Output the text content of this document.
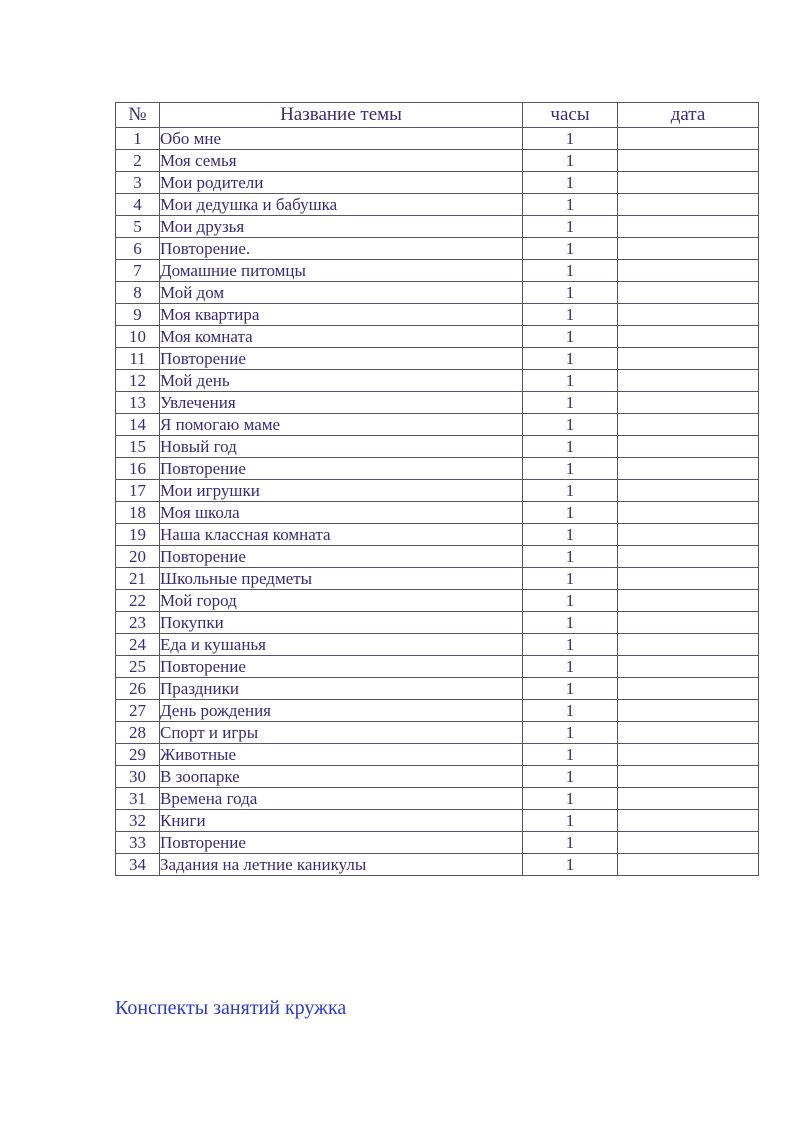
№	Название темы	часы	дата
1	Обо мне	1	
2	Моя семья	1	
3	Мои родители	1	
4	Мои дедушка и бабушка	1	
5	Мои друзья	1	
6	Повторение.	1	
7	Домашние питомцы	1	
8	Мой дом	1	
9	Моя квартира	1	
10	Моя комната	1	
11	Повторение	1	
12	Мой день	1	
13	Увлечения	1	
14	Я помогаю маме	1	
15	Новый год	1	
16	Повторение	1	
17	Мои игрушки	1	
18	Моя школа	1	
19	Наша классная комната	1	
20	Повторение	1	
21	Школьные предметы	1	
22	Мой город	1	
23	Покупки	1	
24	Еда и кушанья	1	
25	Повторение	1	
26	Праздники	1	
27	День рождения	1	
28	Спорт и игры	1	
29	Животные	1	
30	В зоопарке	1	
31	Времена года	1	
32	Книги	1	
33	Повторение	1	
34	Задания на летние каникулы	1	
Конспекты занятий кружка
